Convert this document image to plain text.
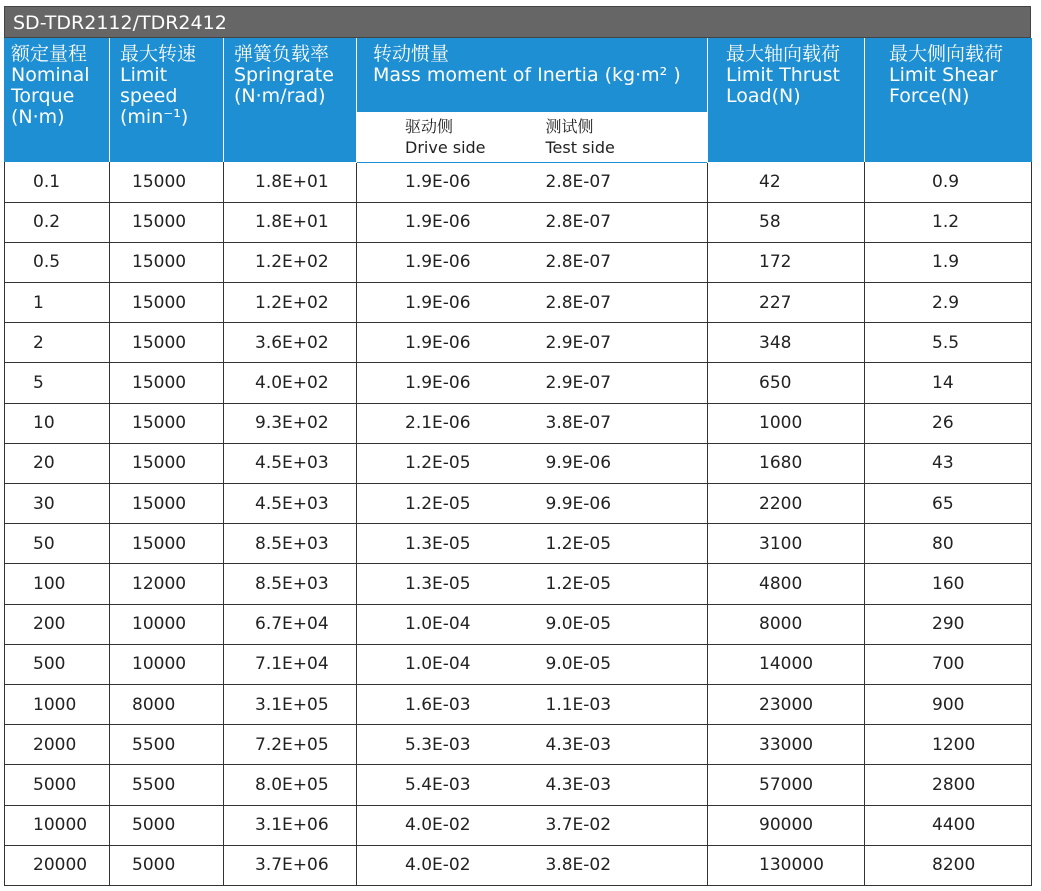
SD-TDR2112/TDR2412
额定量程
Nominal
Torque
(N·m)	最大转速
Limit
speed
(min⁻¹)	弹簧负载率
Springrate
(N·m/rad)	转动惯量
Mass moment of Inertia (kg·m² )		最大轴向载荷
Limit Thrust
Load(N)	最大侧向载荷
Limit Shear
Force(N)

			驱动侧
Drive side	测试侧
Test side		

0.1	15000	1.8E+01	1.9E-06	2.8E-07	42	0.9
0.2	15000	1.8E+01	1.9E-06	2.8E-07	58	1.2
0.5	15000	1.2E+02	1.9E-06	2.8E-07	172	1.9
1	15000	1.2E+02	1.9E-06	2.8E-07	227	2.9
2	15000	3.6E+02	1.9E-06	2.9E-07	348	5.5
5	15000	4.0E+02	1.9E-06	2.9E-07	650	14
10	15000	9.3E+02	2.1E-06	3.8E-07	1000	26
20	15000	4.5E+03	1.2E-05	9.9E-06	1680	43
30	15000	4.5E+03	1.2E-05	9.9E-06	2200	65
50	15000	8.5E+03	1.3E-05	1.2E-05	3100	80
100	12000	8.5E+03	1.3E-05	1.2E-05	4800	160
200	10000	6.7E+04	1.0E-04	9.0E-05	8000	290
500	10000	7.1E+04	1.0E-04	9.0E-05	14000	700
1000	8000	3.1E+05	1.6E-03	1.1E-03	23000	900
2000	5500	7.2E+05	5.3E-03	4.3E-03	33000	1200
5000	5500	8.0E+05	5.4E-03	4.3E-03	57000	2800
10000	5000	3.1E+06	4.0E-02	3.7E-02	90000	4400
20000	5000	3.7E+06	4.0E-02	3.8E-02	130000	8200
